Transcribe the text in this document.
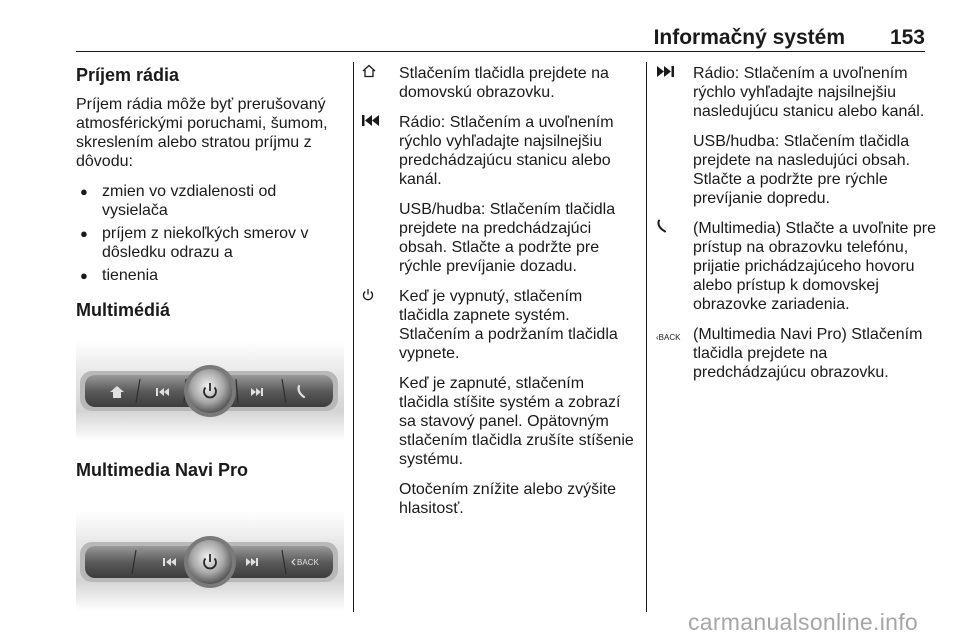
Informačný systém 153
Príjem rádia

Príjem rádia môže byť prerušovaný atmosférickými poruchami, šumom, skreslením alebo stratou príjmu z dôvodu:

● zmien vo vzdialenosti od vysielača
● príjem z niekoľkých smerov v dôsledku odrazu a
● tienenia
Multimédiá
Multimedia Navi Pro
BACK

Stlačením tlačidla prejdete na domovskú obrazovku.

Rádio: Stlačením a uvoľnením rýchlo vyhľadajte najsilnejšiu predchádzajúcu stanicu alebo kanál.

USB/hudba: Stlačením tlačidla prejdete na predchádzajúci obsah. Stlačte a podržte pre rýchle prevíjanie dozadu.

Keď je vypnutý, stlačením tlačidla zapnete systém. Stlačením a podržaním tlačidla vypnete.

Keď je zapnuté, stlačením tlačidla stíšite systém a zobrazí sa stavový panel. Opätovným stlačením tlačidla zrušíte stíšenie systému.

Otočením znížite alebo zvýšite hlasitosť.

Rádio: Stlačením a uvoľnením rýchlo vyhľadajte najsilnejšiu nasledujúcu stanicu alebo kanál.

USB/hudba: Stlačením tlačidla prejdete na nasledujúci obsah. Stlačte a podržte pre rýchle prevíjanie dopredu.

(Multimedia) Stlačte a uvoľnite pre prístup na obrazovku telefónu, prijatie prichádzajúceho hovoru alebo prístup k domovskej obrazovke zariadenia.

‹BACK (Multimedia Navi Pro) Stlačením tlačidla prejdete na predchádzajúcu obrazovku.

carmanualsonline.info
